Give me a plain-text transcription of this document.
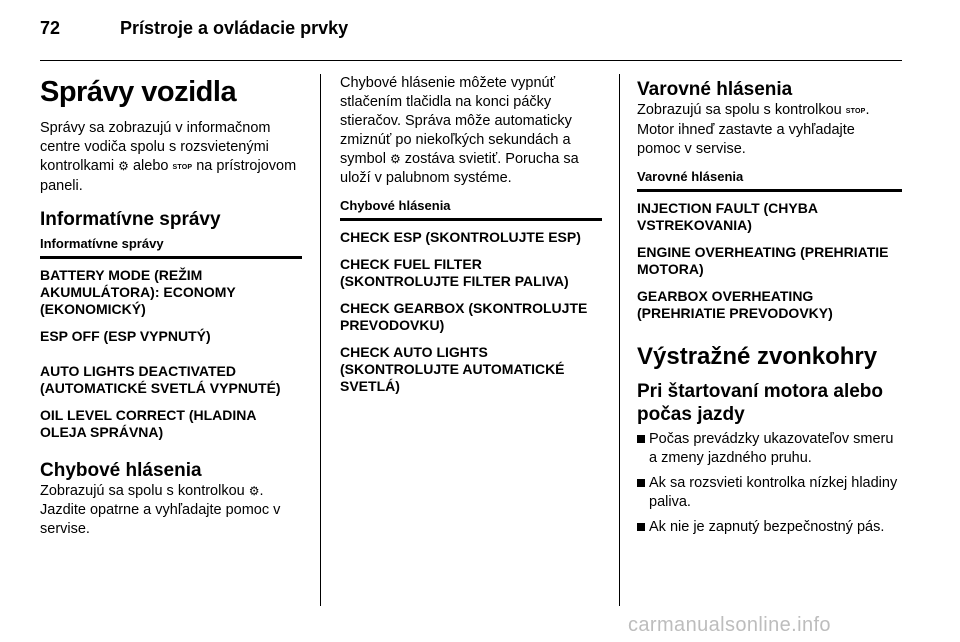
72	Prístroje a ovládacie prvky
Správy vozidla

Správy sa zobrazujú v informačnom centre vodiča spolu s rozsvietenými kontrolkami ⚙ alebo STOP na prístrojovom paneli.

Informatívne správy
Informatívne správy
BATTERY MODE (REŽIM AKUMULÁTORA): ECONOMY (EKONOMICKÝ)
ESP OFF (ESP VYPNUTÝ)
AUTO LIGHTS DEACTIVATED (AUTOMATICKÉ SVETLÁ VYPNUTÉ)
OIL LEVEL CORRECT (HLADINA OLEJA SPRÁVNA)
Chybové hlásenia

Zobrazujú sa spolu s kontrolkou ⚙. Jazdite opatrne a vyhľadajte pomoc v servise.

Chybové hlásenie môžete vypnúť stlačením tlačidla na konci páčky stieračov. Správa môže automaticky zmiznúť po niekoľkých sekundách a symbol ⚙ zostáva svietiť. Porucha sa uloží v palubnom systéme.

Chybové hlásenia
CHECK ESP (SKONTROLUJTE ESP)
CHECK FUEL FILTER (SKONTROLUJTE FILTER PALIVA)
CHECK GEARBOX (SKONTROLUJTE PREVODOVKU)
CHECK AUTO LIGHTS (SKONTROLUJTE AUTOMATICKÉ SVETLÁ)
Varovné hlásenia

Zobrazujú sa spolu s kontrolkou STOP. Motor ihneď zastavte a vyhľadajte pomoc v servise.

Varovné hlásenia
INJECTION FAULT (CHYBA VSTREKOVANIA)
ENGINE OVERHEATING (PREHRIATIE MOTORA)
GEARBOX OVERHEATING (PREHRIATIE PREVODOVKY)
Výstražné zvonkohry
Pri štartovaní motora alebo počas jazdy
Počas prevádzky ukazovateľov smeru a zmeny jazdného pruhu.
Ak sa rozsvieti kontrolka nízkej hladiny paliva.
Ak nie je zapnutý bezpečnostný pás.
carmanualsonline.info
